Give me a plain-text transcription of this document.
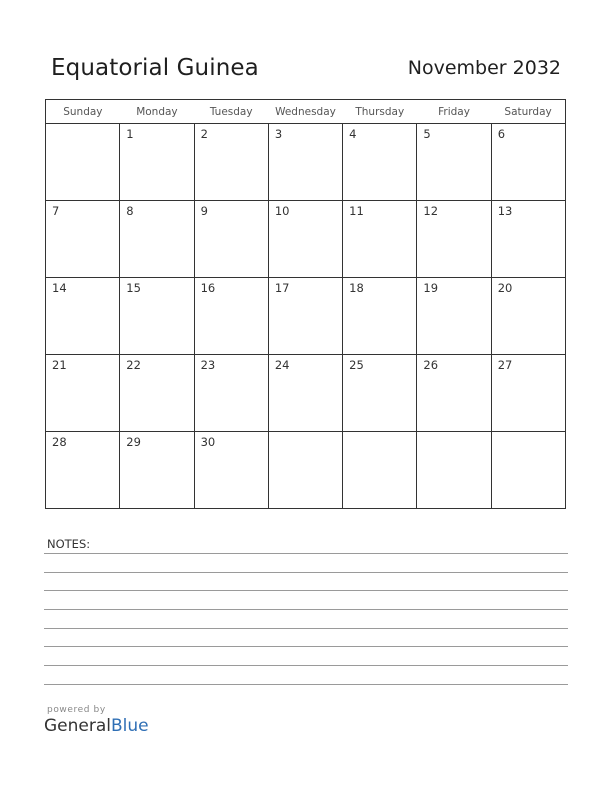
Equatorial Guinea	November 2032
Sunday	Monday	Tuesday	Wednesday	Thursday	Friday	Saturday

	1	2	3	4	5	6

7	8	9	10	11	12	13

14	15	16	17	18	19	20

21	22	23	24	25	26	27

28	29	30				

NOTES:
powered by
GeneralBlue
